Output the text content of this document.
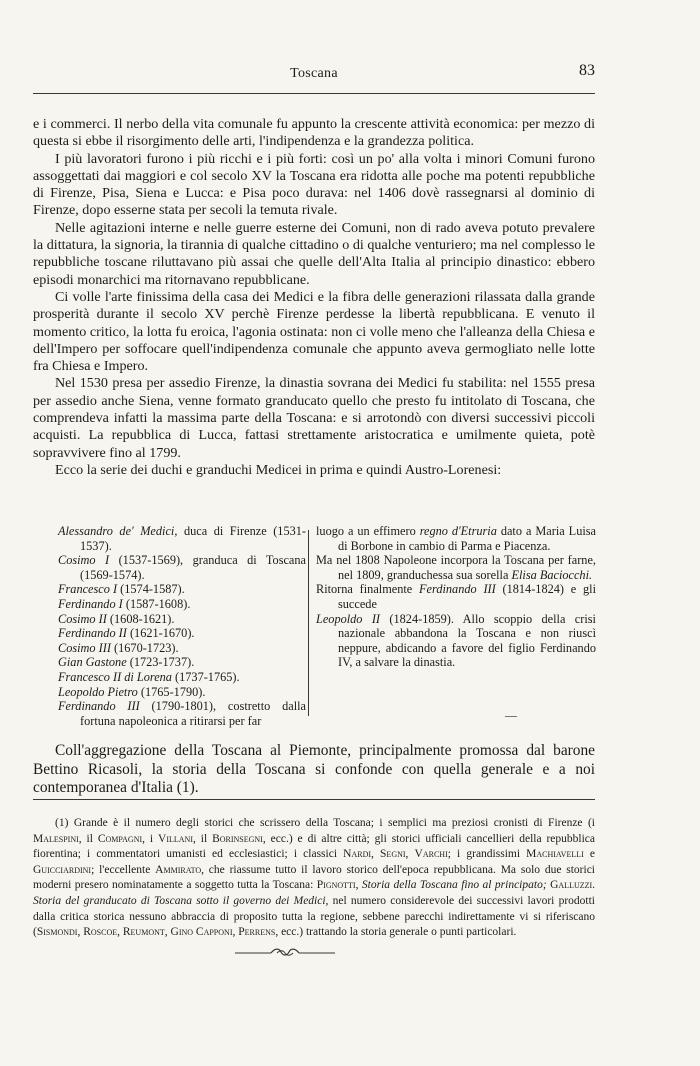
Toscana	83

e i commerci. Il nerbo della vita comunale fu appunto la crescente attività economica: per mezzo di questa si ebbe il risorgimento delle arti, l'indipendenza e la grandezza politica.

I più lavoratori furono i più ricchi e i più forti: così un po' alla volta i minori Comuni furono assoggettati dai maggiori e col secolo XV la Toscana era ridotta alle poche ma potenti repubbliche di Firenze, Pisa, Siena e Lucca: e Pisa poco durava: nel 1406 dovè rassegnarsi al dominio di Firenze, dopo esserne stata per secoli la temuta rivale.

Nelle agitazioni interne e nelle guerre esterne dei Comuni, non di rado aveva potuto prevalere la dittatura, la signoria, la tirannia di qualche cittadino o di qualche venturiero; ma nel complesso le repubbliche toscane riluttavano più assai che quelle dell'Alta Italia al principio dinastico: ebbero episodi monarchici ma ritornavano repubblicane.

Ci volle l'arte finissima della casa dei Medici e la fibra delle generazioni rilassata dalla grande prosperità durante il secolo XV perchè Firenze perdesse la libertà repubblicana. E venuto il momento critico, la lotta fu eroica, l'agonia ostinata: non ci volle meno che l'alleanza della Chiesa e dell'Impero per soffocare quell'indipendenza comunale che appunto aveva germogliato nelle lotte fra Chiesa e Impero.

Nel 1530 presa per assedio Firenze, la dinastia sovrana dei Medici fu stabilita: nel 1555 presa per assedio anche Siena, venne formato granducato quello che presto fu intitolato di Toscana, che comprendeva infatti la massima parte della Toscana: e si arrotondò con diversi successivi piccoli acquisti. La repubblica di Lucca, fattasi strettamente aristocratica e umilmente quieta, potè sopravvivere fino al 1799.

Ecco la serie dei duchi e granduchi Medicei in prima e quindi Austro-Lorenesi:

Alessandro de' Medici, duca di Firenze (1531-1537).
Cosimo I (1537-1569), granduca di Toscana (1569-1574).
Francesco I (1574-1587).
Ferdinando I (1587-1608).
Cosimo II (1608-1621).
Ferdinando II (1621-1670).
Cosimo III (1670-1723).
Gian Gastone (1723-1737).
Francesco II di Lorena (1737-1765).
Leopoldo Pietro (1765-1790).
Ferdinando III (1790-1801), costretto dalla fortuna napoleonica a ritirarsi per far
luogo a un effimero regno d'Etruria dato a Maria Luisa di Borbone in cambio di Parma e Piacenza.
Ma nel 1808 Napoleone incorpora la Toscana per farne, nel 1809, granduchessa sua sorella Elisa Baciocchi.
Ritorna finalmente Ferdinando III (1814-1824) e gli succede
Leopoldo II (1824-1859). Allo scoppio della crisi nazionale abbandona la Toscana e non riuscì neppure, abdicando a favore del figlio Ferdinando IV, a salvare la dinastia.
—

Coll'aggregazione della Toscana al Piemonte, principalmente promossa dal barone Bettino Ricasoli, la storia della Toscana si confonde con quella generale e a noi contemporanea d'Italia (1).

(1) Grande è il numero degli storici che scrissero della Toscana; i semplici ma preziosi cronisti di Firenze (i Malespini, il Compagni, i Villani, il Borinsegni, ecc.) e di altre città; gli storici ufficiali cancellieri della repubblica fiorentina; i commentatori umanisti ed ecclesiastici; i classici Nardi, Segni, Varchi; i grandissimi Machiavelli e Guicciardini; l'eccellente Ammirato, che riassume tutto il lavoro storico dell'epoca repubblicana. Ma solo due storici moderni presero nominatamente a soggetto tutta la Toscana: Pignotti, Storia della Toscana fino al principato; Galluzzi. Storia del granducato di Toscana sotto il governo dei Medici, nel numero considerevole dei successivi lavori prodotti dalla critica storica nessuno abbraccia di proposito tutta la regione, sebbene parecchi indirettamente vi si riferiscano (Sismondi, Roscoe, Reumont, Gino Capponi, Perrens, ecc.) trattando la storia generale o punti particolari.
